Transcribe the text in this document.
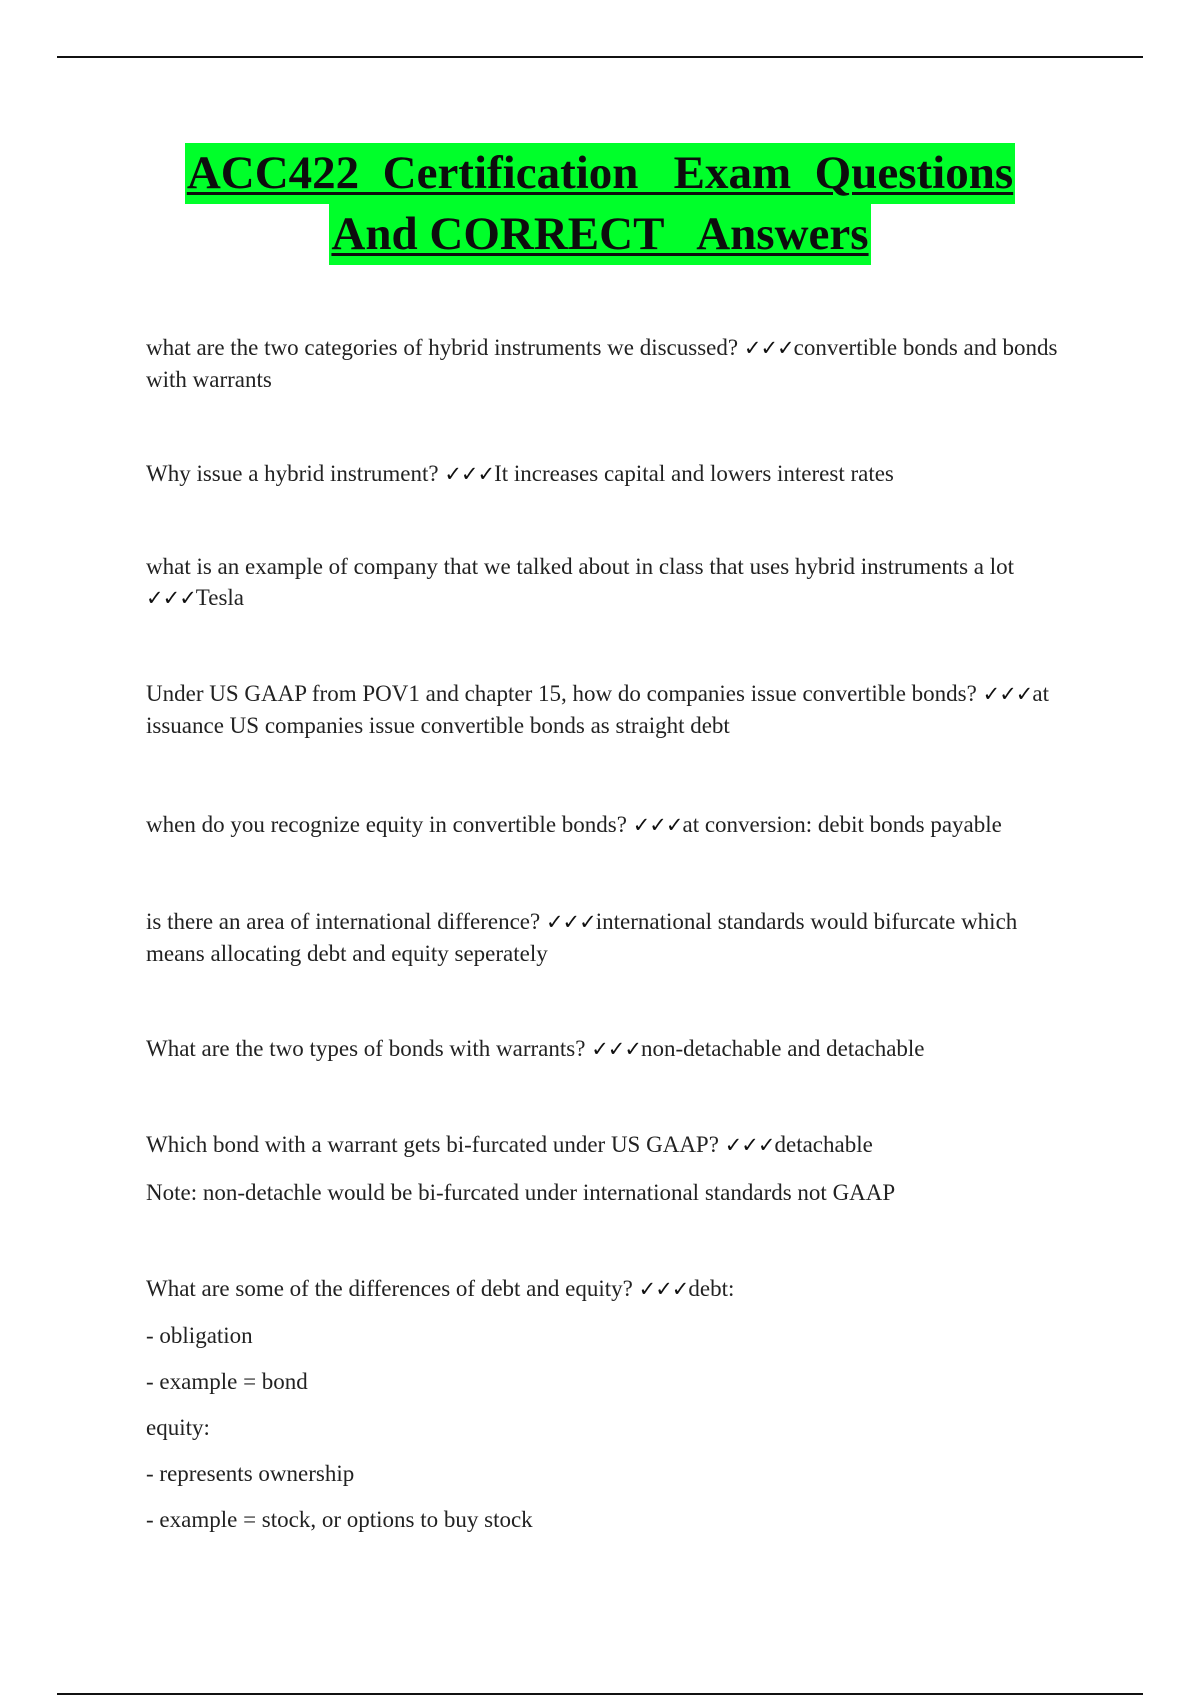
ACC422  Certification   Exam  Questions
And CORRECT   Answers

what are the two categories of hybrid instruments we discussed? ✓✓✓convertible bonds and bonds with warrants

Why issue a hybrid instrument? ✓✓✓It increases capital and lowers interest rates

what is an example of company that we talked about in class that uses hybrid instruments a lot ✓✓✓Tesla

Under US GAAP from POV1 and chapter 15, how do companies issue convertible bonds? ✓✓✓at issuance US companies issue convertible bonds as straight debt

when do you recognize equity in convertible bonds? ✓✓✓at conversion: debit bonds payable

is there an area of international difference? ✓✓✓international standards would bifurcate which means allocating debt and equity seperately

What are the two types of bonds with warrants? ✓✓✓non-detachable and detachable

Which bond with a warrant gets bi-furcated under US GAAP? ✓✓✓detachable

Note: non-detachle would be bi-furcated under international standards not GAAP

What are some of the differences of debt and equity? ✓✓✓debt:

- obligation

- example = bond

equity:

- represents ownership

- example = stock, or options to buy stock
